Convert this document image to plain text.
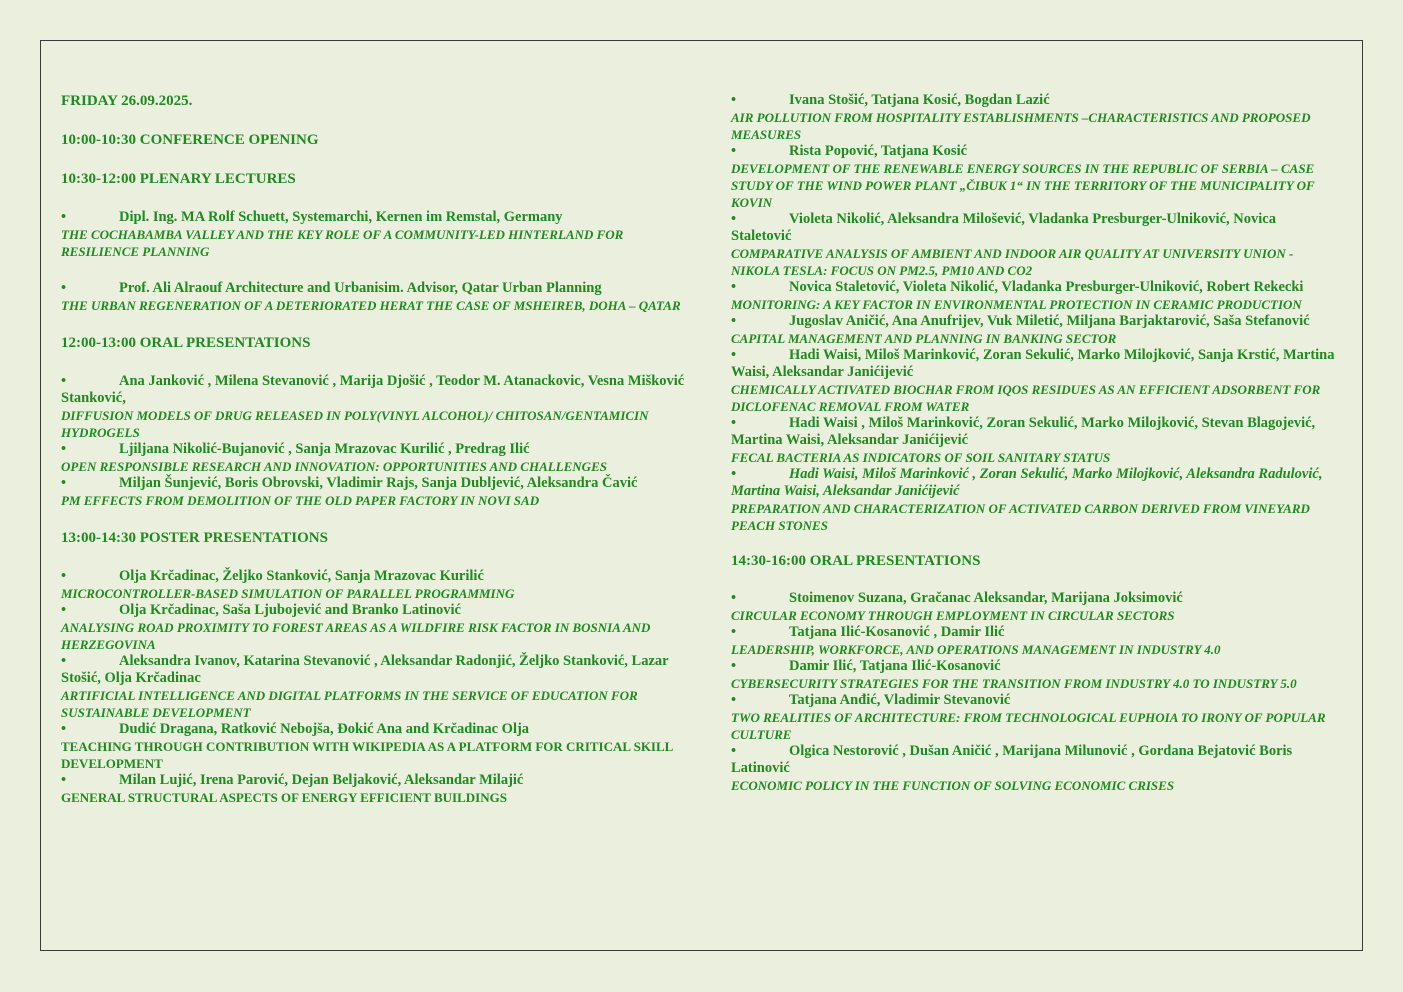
FRIDAY 26.09.2025.
10:00-10:30 CONFERENCE OPENING
10:30-12:00 PLENARY LECTURES
•	Dipl. Ing. MA Rolf Schuett, Systemarchi, Kernen im Remstal, Germany
THE COCHABAMBA VALLEY AND THE KEY ROLE OF A COMMUNITY-LED HINTERLAND FOR RESILIENCE PLANNING
•	Prof. Ali Alraouf Architecture and Urbanisim. Advisor, Qatar Urban Planning
THE URBAN REGENERATION OF A DETERIORATED HERAT THE CASE OF MSHEIREB, DOHA – QATAR
12:00-13:00 ORAL PRESENTATIONS
•	Ana Janković , Milena Stevanović , Marija Djošić , Teodor M. Atanackovic, Vesna Mišković Stanković,
DIFFUSION MODELS OF DRUG RELEASED IN POLY(VINYL ALCOHOL)/ CHITOSAN/GENTAMICIN HYDROGELS
•	Ljiljana Nikolić-Bujanović , Sanja Mrazovac Kurilić , Predrag Ilić
OPEN RESPONSIBLE RESEARCH AND INNOVATION: OPPORTUNITIES AND CHALLENGES
•	Miljan Šunjević, Boris Obrovski, Vladimir Rajs, Sanja Dubljević, Aleksandra Čavić
PM EFFECTS FROM DEMOLITION OF THE OLD PAPER FACTORY IN NOVI SAD
13:00-14:30 POSTER PRESENTATIONS
•	Olja Krčadinac, Željko Stanković, Sanja Mrazovac Kurilić
MICROCONTROLLER-BASED SIMULATION OF PARALLEL PROGRAMMING
•	Olja Krčadinac, Saša Ljubojević and Branko Latinović
ANALYSING ROAD PROXIMITY TO FOREST AREAS AS A WILDFIRE RISK FACTOR IN BOSNIA AND HERZEGOVINA
•	Aleksandra Ivanov, Katarina Stevanović , Aleksandar Radonjić, Željko Stanković, Lazar Stošić, Olja Krčadinac
ARTIFICIAL INTELLIGENCE AND DIGITAL PLATFORMS IN THE SERVICE OF EDUCATION FOR SUSTAINABLE DEVELOPMENT
•	Dudić Dragana, Ratković Nebojša, Đokić Ana and Krčadinac Olja
TEACHING THROUGH CONTRIBUTION WITH WIKIPEDIA AS A PLATFORM FOR CRITICAL SKILL DEVELOPMENT
•	Milan Lujić, Irena Parović, Dejan Beljaković, Aleksandar Milajić
GENERAL STRUCTURAL ASPECTS OF ENERGY EFFICIENT BUILDINGS
•	Ivana Stošić, Tatjana Kosić, Bogdan Lazić
AIR POLLUTION FROM HOSPITALITY ESTABLISHMENTS –CHARACTERISTICS AND PROPOSED MEASURES
•	Rista Popović, Tatjana Kosić
DEVELOPMENT OF THE RENEWABLE ENERGY SOURCES IN THE REPUBLIC OF SERBIA – CASE STUDY OF THE WIND POWER PLANT „ČIBUK 1“ IN THE TERRITORY OF THE MUNICIPALITY OF KOVIN
•	Violeta Nikolić, Aleksandra Milošević, Vladanka Presburger-Ulniković, Novica Staletović
COMPARATIVE ANALYSIS OF AMBIENT AND INDOOR AIR QUALITY AT UNIVERSITY UNION - NIKOLA TESLA: FOCUS ON PM2.5, PM10 AND CO2
•	Novica Staletović, Violeta Nikolić, Vladanka Presburger-Ulniković, Robert Rekecki
MONITORING: A KEY FACTOR IN ENVIRONMENTAL PROTECTION IN CERAMIC PRODUCTION
•	Jugoslav Aničić, Ana Anufrijev, Vuk Miletić, Miljana Barjaktarović, Saša Stefanović
CAPITAL MANAGEMENT AND PLANNING IN BANKING SECTOR
•	Hadi Waisi, Miloš Marinković, Zoran Sekulić, Marko Milojković, Sanja Krstić, Martina Waisi, Aleksandar Janićijević
CHEMICALLY ACTIVATED BIOCHAR FROM IQOS RESIDUES AS AN EFFICIENT ADSORBENT FOR DICLOFENAC REMOVAL FROM WATER
•	Hadi Waisi , Miloš Marinković, Zoran Sekulić, Marko Milojković, Stevan Blagojević, Martina Waisi, Aleksandar Janićijević
FECAL BACTERIA AS INDICATORS OF SOIL SANITARY STATUS
•	Hadi Waisi, Miloš Marinković , Zoran Sekulić, Marko Milojković, Aleksandra Radulović, Martina Waisi, Aleksandar Janićijević
PREPARATION AND CHARACTERIZATION OF ACTIVATED CARBON DERIVED FROM VINEYARD PEACH STONES
14:30-16:00 ORAL PRESENTATIONS
•	Stoimenov Suzana, Gračanac Aleksandar, Marijana Joksimović
CIRCULAR ECONOMY THROUGH EMPLOYMENT IN CIRCULAR SECTORS
•	Tatjana Ilić-Kosanović , Damir Ilić
LEADERSHIP, WORKFORCE, AND OPERATIONS MANAGEMENT IN INDUSTRY 4.0
•	Damir Ilić, Tatjana Ilić-Kosanović
CYBERSECURITY STRATEGIES FOR THE TRANSITION FROM INDUSTRY 4.0 TO INDUSTRY 5.0
•	Tatjana Anđić, Vladimir Stevanović
TWO REALITIES OF ARCHITECTURE: FROM TECHNOLOGICAL EUPHOIA TO IRONY OF POPULAR CULTURE
•	Olgica Nestorović , Dušan Aničić , Marijana Milunović , Gordana Bejatović Boris Latinović
ECONOMIC POLICY IN THE FUNCTION OF SOLVING ECONOMIC CRISES
